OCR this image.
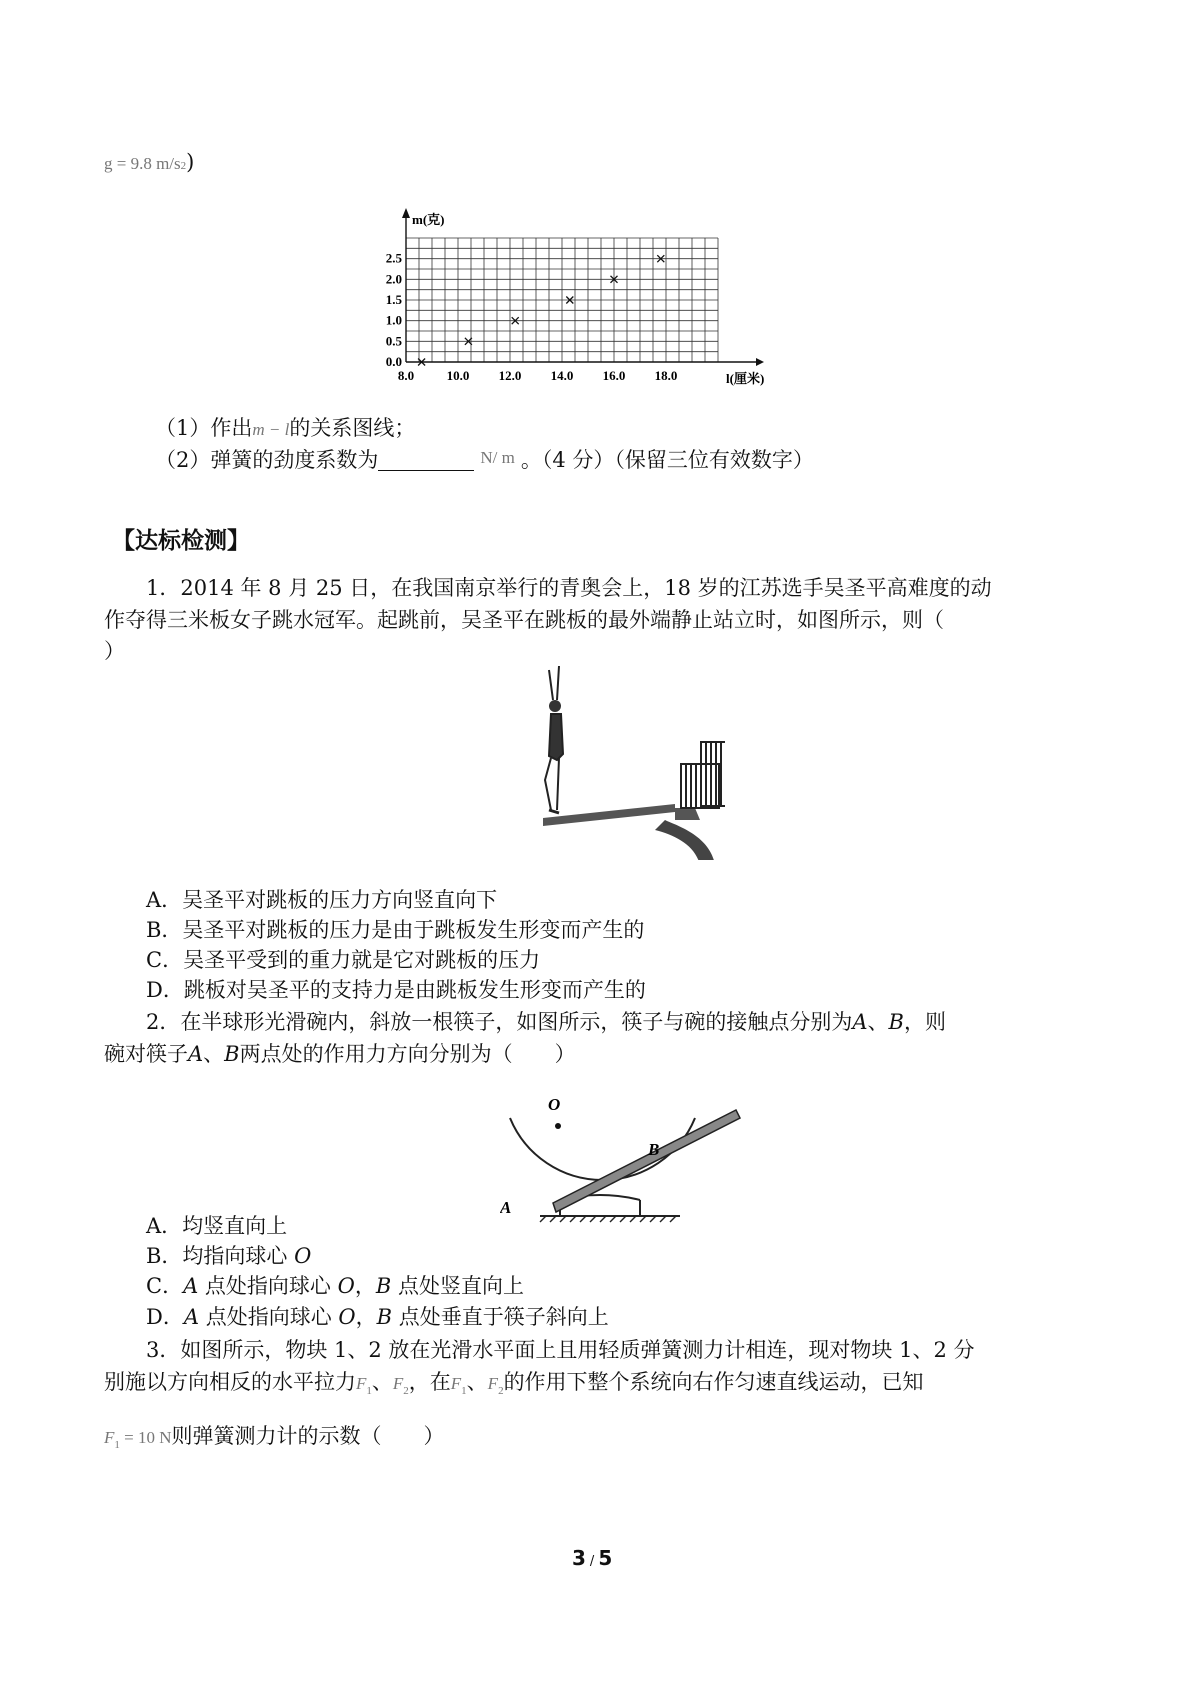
g = 9.8 m/s2)
8.0	10.0 12.0 14.0 16.0 18.0
0.0
0.5
1.0
1.5
2.0
2.5
m(克)
l(厘米)
（1）作出m − l的关系图线；
（2）弹簧的劲度系数为	N/ m 。（4 分）（保留三位有效数字）
【达标检测】
1．2014 年 8 月 25 日，在我国南京举行的青奥会上，18 岁的江苏选手吴圣平高难度的动
作夺得三米板女子跳水冠军。起跳前，吴圣平在跳板的最外端静止站立时，如图所示，则（
）
A．吴圣平对跳板的压力方向竖直向下
B．吴圣平对跳板的压力是由于跳板发生形变而产生的
C．吴圣平受到的重力就是它对跳板的压力
D．跳板对吴圣平的支持力是由跳板发生形变而产生的
2．在半球形光滑碗内，斜放一根筷子，如图所示，筷子与碗的接触点分别为A、B，则
碗对筷子A、B两点处的作用力方向分别为（　　）
O
B
A
A．均竖直向上
B．均指向球心 O
C．A 点处指向球心 O，B 点处竖直向上
D．A 点处指向球心 O，B 点处垂直于筷子斜向上
3．如图所示，物块 1、2 放在光滑水平面上且用轻质弹簧测力计相连，现对物块 1、2 分
别施以方向相反的水平拉力$F_1$、$F_2$，在$F_1$、$F_2$的作用下整个系统向右作匀速直线运动，已知
$F_1 = 10$ N则弹簧测力计的示数（　　）
3 / 5
